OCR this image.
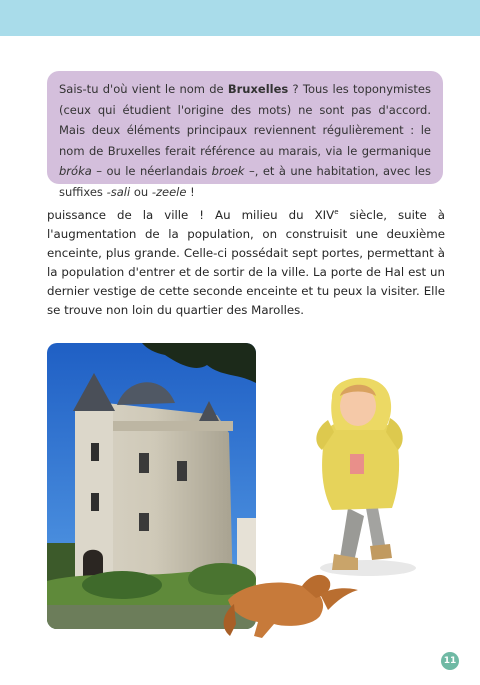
Sais-tu d'où vient le nom de Bruxelles ? Tous les toponymistes (ceux qui étudient l'origine des mots) ne sont pas d'accord. Mais deux éléments principaux reviennent régulièrement : le nom de Bruxelles ferait référence au marais, via le germanique bróka – ou le néerlandais broek –, et à une habitation, avec les suffixes -sali ou -zeele !
puissance de la ville ! Au milieu du XIVe siècle, suite à l'augmentation de la population, on construisit une deuxième enceinte, plus grande. Celle-ci possédait sept portes, permettant à la population d'entrer et de sortir de la ville. La porte de Hal est un dernier vestige de cette seconde enceinte et tu peux la visiter. Elle se trouve non loin du quartier des Marolles.
11
